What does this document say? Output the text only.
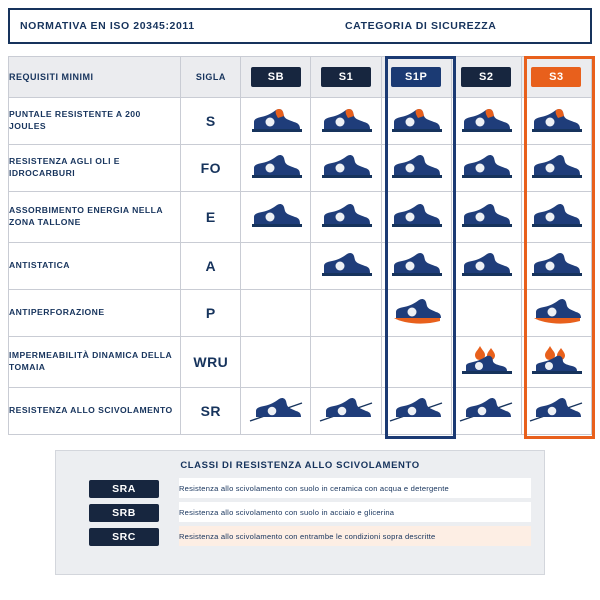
NORMATIVA EN ISO 20345:2011	CATEGORIA DI SICUREZZA
REQUISITI MINIMI	SIGLA	SB	S1	S1P	S2	S3
PUNTALE RESISTENTE A 200 JOULES	S	

RESISTENZA AGLI OLI E IDROCARBURI	FO	

ASSORBIMENTO ENERGIA NELLA ZONA TALLONE	E	

ANTISTATICA	A		

ANTIPERFORAZIONE	P			

IMPERMEABILITÀ DINAMICA DELLA TOMAIA	WRU				

RESISTENZA ALLO SCIVOLAMENTO	SR	

CLASSI DI RESISTENZA ALLO SCIVOLAMENTO
SRA	Resistenza allo scivolamento con suolo in ceramica con acqua e detergente

SRB	Resistenza allo scivolamento con suolo in acciaio e glicerina

SRC	Resistenza allo scivolamento con entrambe le condizioni sopra descritte
